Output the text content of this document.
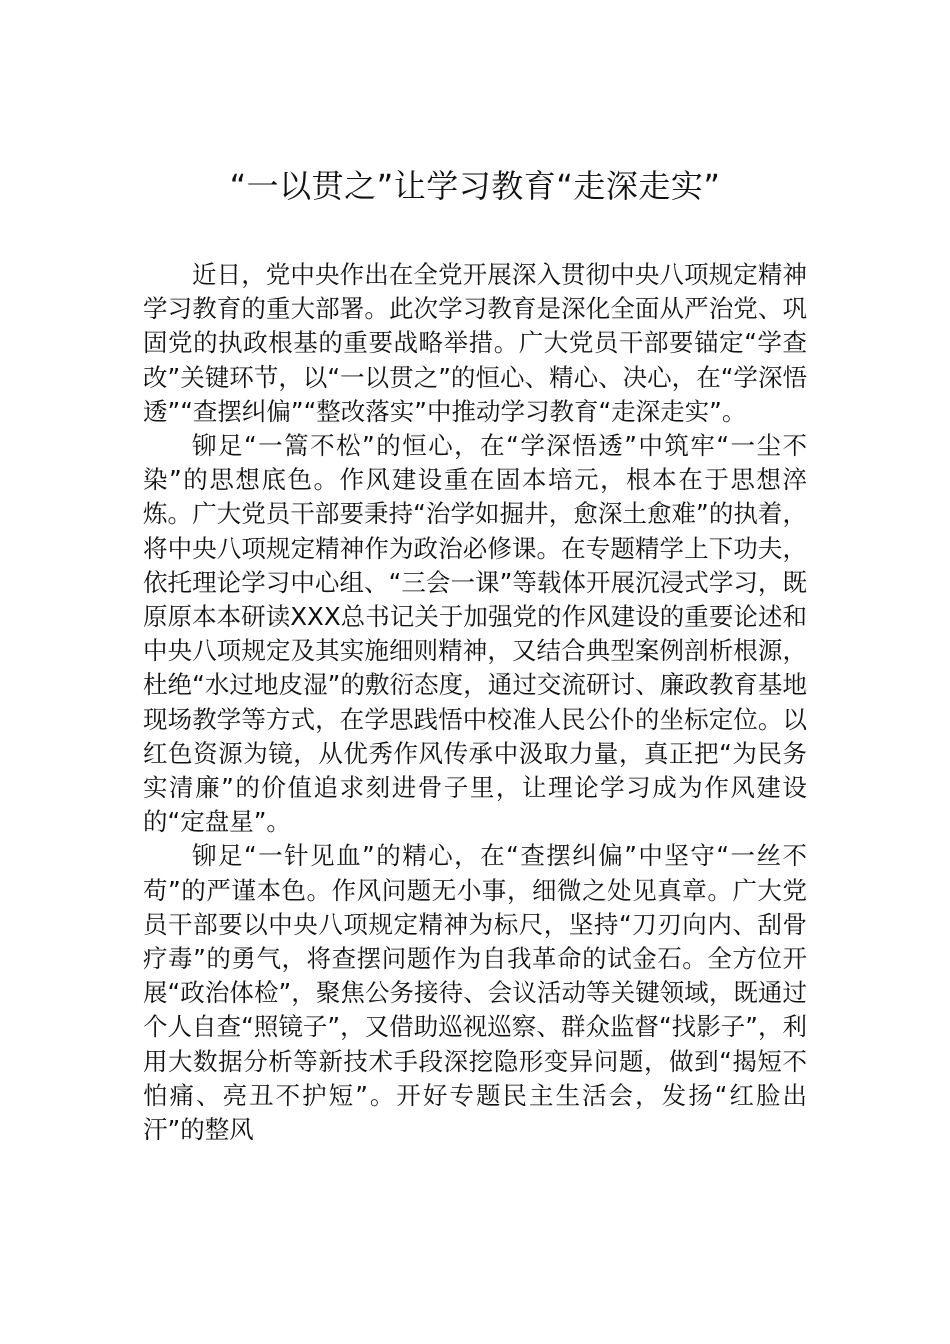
“一以贯之”让学习教育“走深走实”

近日，党中央作出在全党开展深入贯彻中央八项规定精神学习教育的重大部署。此次学习教育是深化全面从严治党、巩固党的执政根基的重要战略举措。广大党员干部要锚定“学查改”关键环节，以“一以贯之”的恒心、精心、决心，在“学深悟透”“查摆纠偏”“整改落实”中推动学习教育“走深走实”。

铆足“一篙不松”的恒心，在“学深悟透”中筑牢“一尘不染”的思想底色。作风建设重在固本培元，根本在于思想淬炼。广大党员干部要秉持“治学如掘井，愈深土愈难”的执着，将中央八项规定精神作为政治必修课。在专题精学上下功夫，依托理论学习中心组、“三会一课”等载体开展沉浸式学习，既原原本本研读XXX总书记关于加强党的作风建设的重要论述和中央八项规定及其实施细则精神，又结合典型案例剖析根源，杜绝“水过地皮湿”的敷衍态度，通过交流研讨、廉政教育基地现场教学等方式，在学思践悟中校准人民公仆的坐标定位。以红色资源为镜，从优秀作风传承中汲取力量，真正把“为民务实清廉”的价值追求刻进骨子里，让理论学习成为作风建设的“定盘星”。

铆足“一针见血”的精心，在“查摆纠偏”中坚守“一丝不苟”的严谨本色。作风问题无小事，细微之处见真章。广大党员干部要以中央八项规定精神为标尺，坚持“刀刃向内、刮骨疗毒”的勇气，将查摆问题作为自我革命的试金石。全方位开展“政治体检”，聚焦公务接待、会议活动等关键领域，既通过个人自查“照镜子”，又借助巡视巡察、群众监督“找影子”，利用大数据分析等新技术手段深挖隐形变异问题，做到“揭短不怕痛、亮丑不护短”。开好专题民主生活会，发扬“红脸出汗”的整风
